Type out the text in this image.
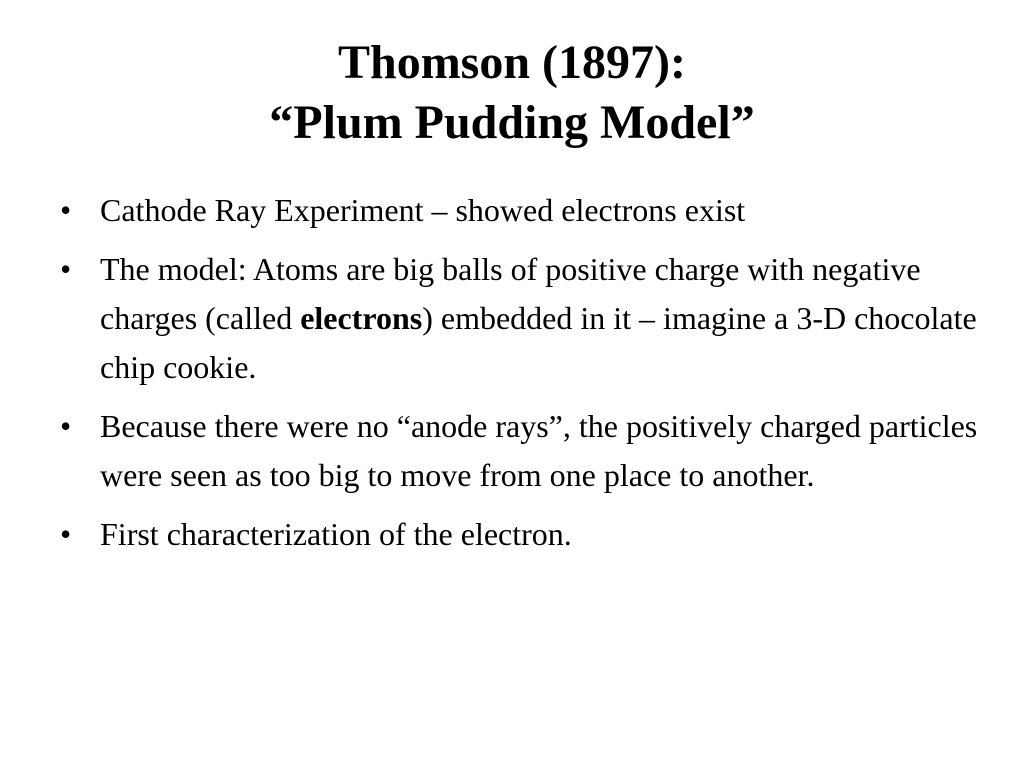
Thomson (1897):
“Plum Pudding Model”
• Cathode Ray Experiment – showed electrons exist
• The model: Atoms are big balls of positive charge with negative charges (called electrons) embedded in it – imagine a 3-D chocolate chip cookie.
• Because there were no “anode rays”, the positively charged particles were seen as too big to move from one place to another.
• First characterization of the electron.
